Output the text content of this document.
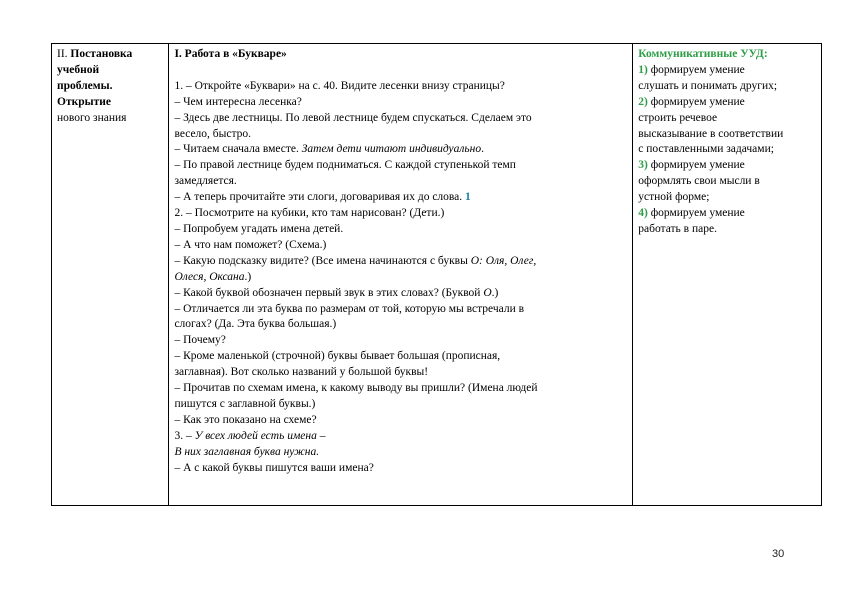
II. Постановка
учебной
проблемы.
Открытие
нового знания

I. Работа в «Букваре»

1. – Откройте «Буквари» на с. 40. Видите лесенки внизу страницы?
– Чем интересна лесенка?
– Здесь две лестницы. По левой лестнице будем спускаться. Сделаем это
весело, быстро.
– Читаем сначала вместе. Затем дети читают индивидуально.
– По правой лестнице будем подниматься. С каждой ступенькой темп
замедляется.
– А теперь прочитайте эти слоги, договаривая их до слова. 1
2. – Посмотрите на кубики, кто там нарисован? (Дети.)
– Попробуем угадать имена детей.
– А что нам поможет? (Схема.)
– Какую подсказку видите? (Все имена начинаются с буквы О: Оля, Олег,
Олеся, Оксана.)
– Какой буквой обозначен первый звук в этих словах? (Буквой О.)
– Отличается ли эта буква по размерам от той, которую мы встречали в
слогах? (Да. Эта буква большая.)
– Почему?
– Кроме маленькой (строчной) буквы бывает большая (прописная,
заглавная). Вот сколько названий у большой буквы!
– Прочитав по схемам имена, к какому выводу вы пришли? (Имена людей
пишутся с заглавной буквы.)
– Как это показано на схеме?
3. – У всех людей есть имена –
В них заглавная буква нужна.
– А с какой буквы пишутся ваши имена?

Коммуникативные УУД:
1) формируем умение
слушать и понимать других;
2) формируем умение
строить речевое
высказывание в соответствии
с поставленными задачами;
3) формируем умение
оформлять свои мысли в
устной форме;
4) формируем умение
работать в паре.
30
